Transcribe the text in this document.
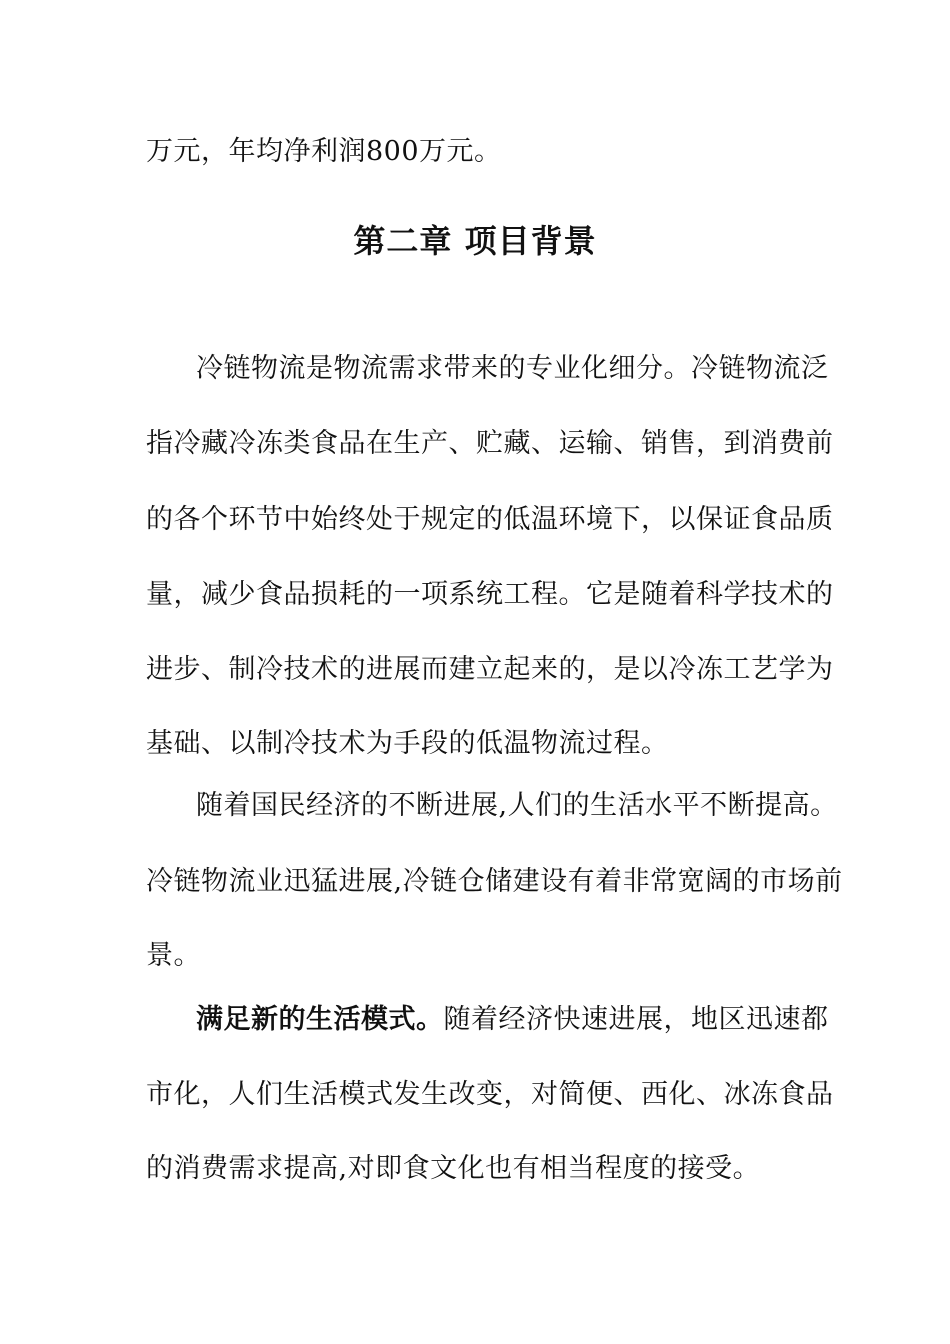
万元，年均净利润800万元。
第二章 项目背景
冷链物流是物流需求带来的专业化细分。冷链物流泛
指冷藏冷冻类食品在生产、贮藏、运输、销售，到消费前
的各个环节中始终处于规定的低温环境下，以保证食品质
量，减少食品损耗的一项系统工程。它是随着科学技术的
进步、制冷技术的进展而建立起来的，是以冷冻工艺学为
基础、以制冷技术为手段的低温物流过程。
随着国民经济的不断进展,人们的生活水平不断提高。
冷链物流业迅猛进展,冷链仓储建设有着非常宽阔的市场前
景。
满足新的生活模式。随着经济快速进展，地区迅速都
市化，人们生活模式发生改变，对简便、西化、冰冻食品
的消费需求提高,对即食文化也有相当程度的接受。
